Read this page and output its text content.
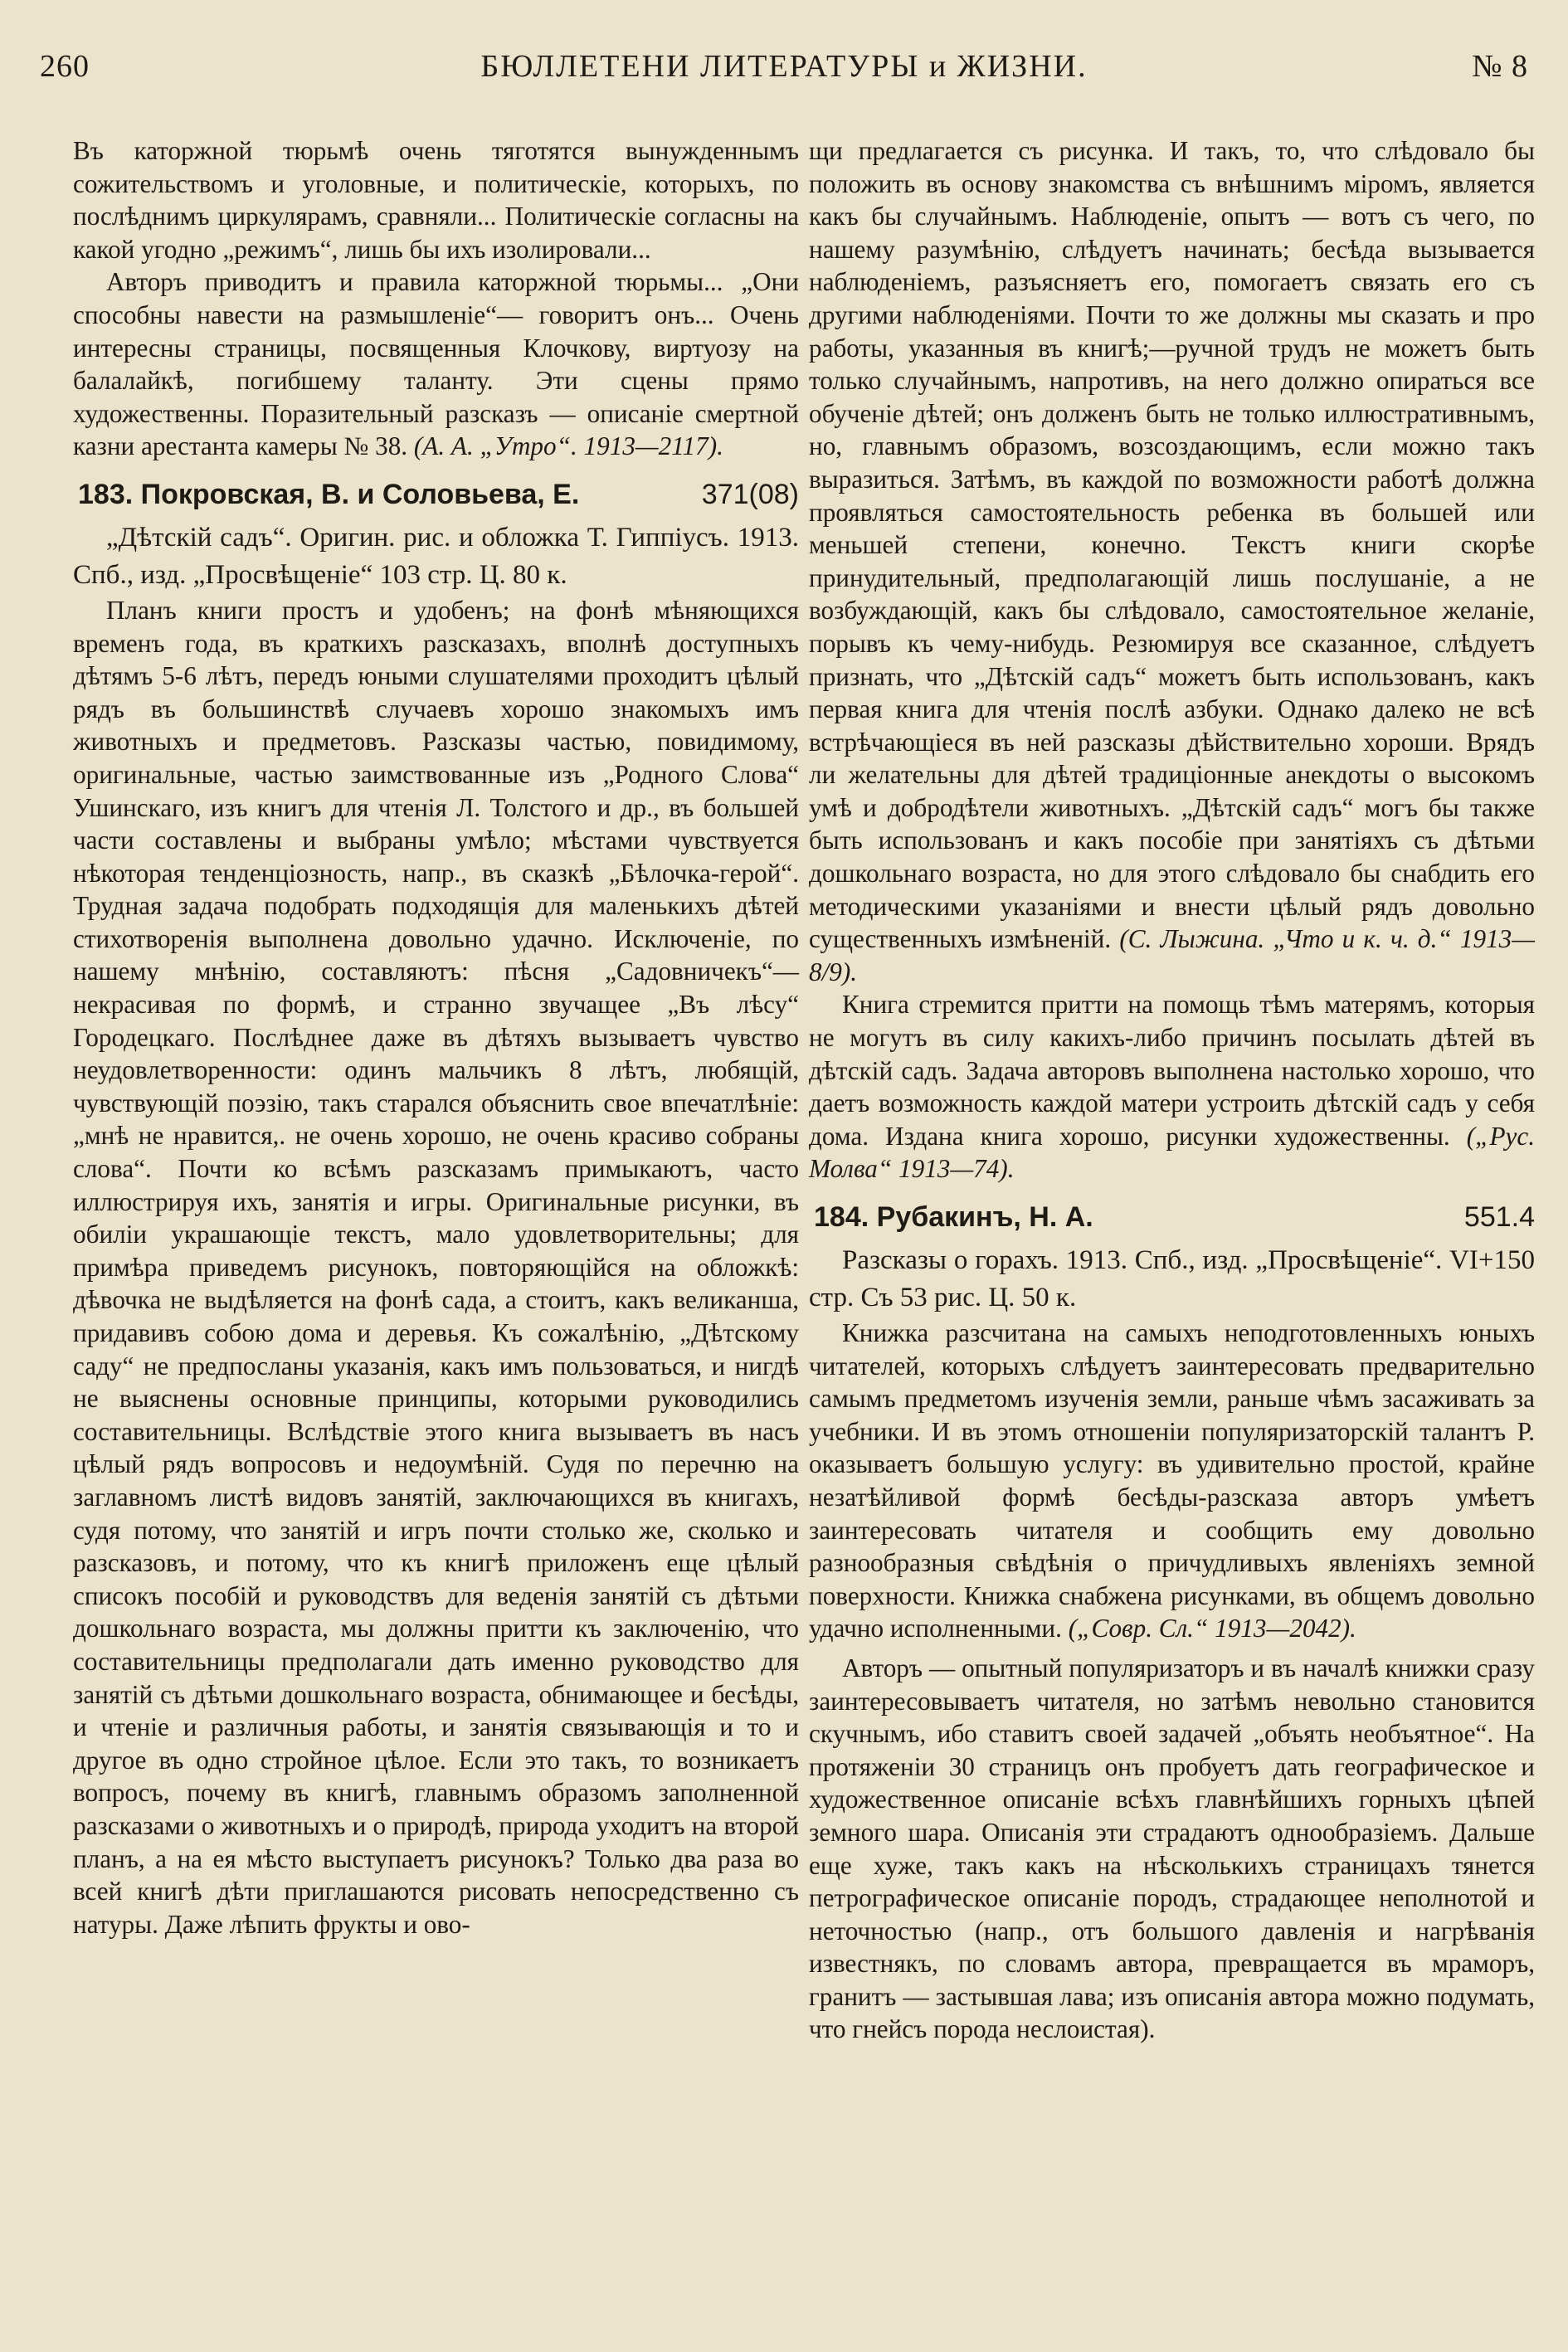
260	БЮЛЛЕТЕНИ ЛИТЕРАТУРЫ и ЖИЗНИ.	№ 8

Въ каторжной тюрьмѣ очень тяготятся вынужденнымъ сожительствомъ и уголовные, и политическіе, которыхъ, по послѣднимъ циркулярамъ, сравняли... Политическіе согласны на какой угодно „режимъ“, лишь бы ихъ изолировали...

Авторъ приводитъ и правила каторжной тюрьмы... „Они способны навести на размышленіе“— говоритъ онъ... Очень интересны страницы, посвященныя Клочкову, виртуозу на балалайкѣ, погибшему таланту. Эти сцены прямо художественны. Поразительный разсказъ — описаніе смертной казни арестанта камеры № 38. (А. А. „Утро“. 1913—2117).

183. Покровская, В. и Соловьева, Е.	371(08)

„Дѣтскій садъ“. Оригин. рис. и обложка Т. Гиппіусъ. 1913. Спб., изд. „Просвѣщеніе“ 103 стр. Ц. 80 к.

Планъ книги простъ и удобенъ; на фонѣ мѣняющихся временъ года, въ краткихъ разсказахъ, вполнѣ доступныхъ дѣтямъ 5-6 лѣтъ, передъ юными слушателями проходитъ цѣлый рядъ въ большинствѣ случаевъ хорошо знакомыхъ имъ животныхъ и предметовъ. Разсказы частью, повидимому, оригинальные, частью заимствованные изъ „Родного Слова“ Ушинскаго, изъ книгъ для чтенія Л. Толстого и др., въ большей части составлены и выбраны умѣло; мѣстами чувствуется нѣкоторая тенденціозность, напр., въ сказкѣ „Бѣлочка-герой“. Трудная задача подобрать подходящія для маленькихъ дѣтей стихотворенія выполнена довольно удачно. Исключеніе, по нашему мнѣнію, составляютъ: пѣсня „Садовничекъ“—некрасивая по формѣ, и странно звучащее „Въ лѣсу“ Городецкаго. Послѣднее даже въ дѣтяхъ вызываетъ чувство неудовлетворенности: одинъ мальчикъ 8 лѣтъ, любящій, чувствующій поэзію, такъ старался объяснить свое впечатлѣніе: „мнѣ не нравится,. не очень хорошо, не очень красиво собраны слова“. Почти ко всѣмъ разсказамъ примыкаютъ, часто иллюстрируя ихъ, занятія и игры. Оригинальные рисунки, въ обиліи украшающіе текстъ, мало удовлетворительны; для примѣра приведемъ рисунокъ, повторяющійся на обложкѣ: дѣвочка не выдѣляется на фонѣ сада, а стоитъ, какъ великанша, придавивъ собою дома и деревья. Къ сожалѣнію, „Дѣтскому саду“ не предпосланы указанія, какъ имъ пользоваться, и нигдѣ не выяснены основные принципы, которыми руководились составительницы. Вслѣдствіе этого книга вызываетъ въ насъ цѣлый рядъ вопросовъ и недоумѣній. Судя по перечню на заглавномъ листѣ видовъ занятій, заключающихся въ книгахъ, судя потому, что занятій и игръ почти столько же, сколько и разсказовъ, и потому, что къ книгѣ приложенъ еще цѣлый списокъ пособій и руководствъ для веденія занятій съ дѣтьми дошкольнаго возраста, мы должны притти къ заключенію, что составительницы предполагали дать именно руководство для занятій съ дѣтьми дошкольнаго возраста, обнимающее и бесѣды, и чтеніе и различныя работы, и занятія связывающія и то и другое въ одно стройное цѣлое. Если это такъ, то возникаетъ вопросъ, почему въ книгѣ, главнымъ образомъ заполненной разсказами о животныхъ и о природѣ, природа уходитъ на второй планъ, а на ея мѣсто выступаетъ рисунокъ? Только два раза во всей книгѣ дѣти приглашаются рисовать непосредственно съ натуры. Даже лѣпить фрукты и ово-

щи предлагается съ рисунка. И такъ, то, что слѣдовало бы положить въ основу знакомства съ внѣшнимъ міромъ, является какъ бы случайнымъ. Наблюденіе, опытъ — вотъ съ чего, по нашему разумѣнію, слѣдуетъ начинать; бесѣда вызывается наблюденіемъ, разъясняетъ его, помогаетъ связать его съ другими наблюденіями. Почти то же должны мы сказать и про работы, указанныя въ книгѣ;—ручной трудъ не можетъ быть только случайнымъ, напротивъ, на него должно опираться все обученіе дѣтей; онъ долженъ быть не только иллюстративнымъ, но, главнымъ образомъ, возсоздающимъ, если можно такъ выразиться. Затѣмъ, въ каждой по возможности работѣ должна проявляться самостоятельность ребенка въ большей или меньшей степени, конечно. Текстъ книги скорѣе принудительный, предполагающій лишь послушаніе, а не возбуждающій, какъ бы слѣдовало, самостоятельное желаніе, порывъ къ чему-нибудь. Резюмируя все сказанное, слѣдуетъ признать, что „Дѣтскій садъ“ можетъ быть использованъ, какъ первая книга для чтенія послѣ азбуки. Однако далеко не всѣ встрѣчающіеся въ ней разсказы дѣйствительно хороши. Врядъ ли желательны для дѣтей традиціонные анекдоты о высокомъ умѣ и добродѣтели животныхъ. „Дѣтскій садъ“ могъ бы также быть использованъ и какъ пособіе при занятіяхъ съ дѣтьми дошкольнаго возраста, но для этого слѣдовало бы снабдить его методическими указаніями и внести цѣлый рядъ довольно существенныхъ измѣненій. (С. Лыжина. „Что и к. ч. д.“ 1913—8/9).

Книга стремится притти на помощь тѣмъ матерямъ, которыя не могутъ въ силу какихъ-либо причинъ посылать дѣтей въ дѣтскій садъ. Задача авторовъ выполнена настолько хорошо, что даетъ возможность каждой матери устроить дѣтскій садъ у себя дома. Издана книга хорошо, рисунки художественны. („Рус. Молва“ 1913—74).

184. Рубакинъ, Н. А.	551.4

Разсказы о горахъ. 1913. Спб., изд. „Просвѣщеніе“. VI+150 стр. Съ 53 рис. Ц. 50 к.

Книжка разсчитана на самыхъ неподготовленныхъ юныхъ читателей, которыхъ слѣдуетъ заинтересовать предварительно самымъ предметомъ изученія земли, раньше чѣмъ засаживать за учебники. И въ этомъ отношеніи популяризаторскій талантъ Р. оказываетъ большую услугу: въ удивительно простой, крайне незатѣйливой формѣ бесѣды-разсказа авторъ умѣетъ заинтересовать читателя и сообщить ему довольно разнообразныя свѣдѣнія о причудливыхъ явленіяхъ земной поверхности. Книжка снабжена рисунками, въ общемъ довольно удачно исполненными. („Совр. Сл.“ 1913—2042).

Авторъ — опытный популяризаторъ и въ началѣ книжки сразу заинтересовываетъ читателя, но затѣмъ невольно становится скучнымъ, ибо ставитъ своей задачей „объять необъятное“. На протяженіи 30 страницъ онъ пробуетъ дать географическое и художественное описаніе всѣхъ главнѣйшихъ горныхъ цѣпей земного шара. Описанія эти страдаютъ однообразіемъ. Дальше еще хуже, такъ какъ на нѣсколькихъ страницахъ тянется петрографическое описаніе породъ, страдающее неполнотой и неточностью (напр., отъ большого давленія и нагрѣванія известнякъ, по словамъ автора, превращается въ мраморъ, гранитъ — застывшая лава; изъ описанія автора можно подумать, что гнейсъ порода неслоистая).
